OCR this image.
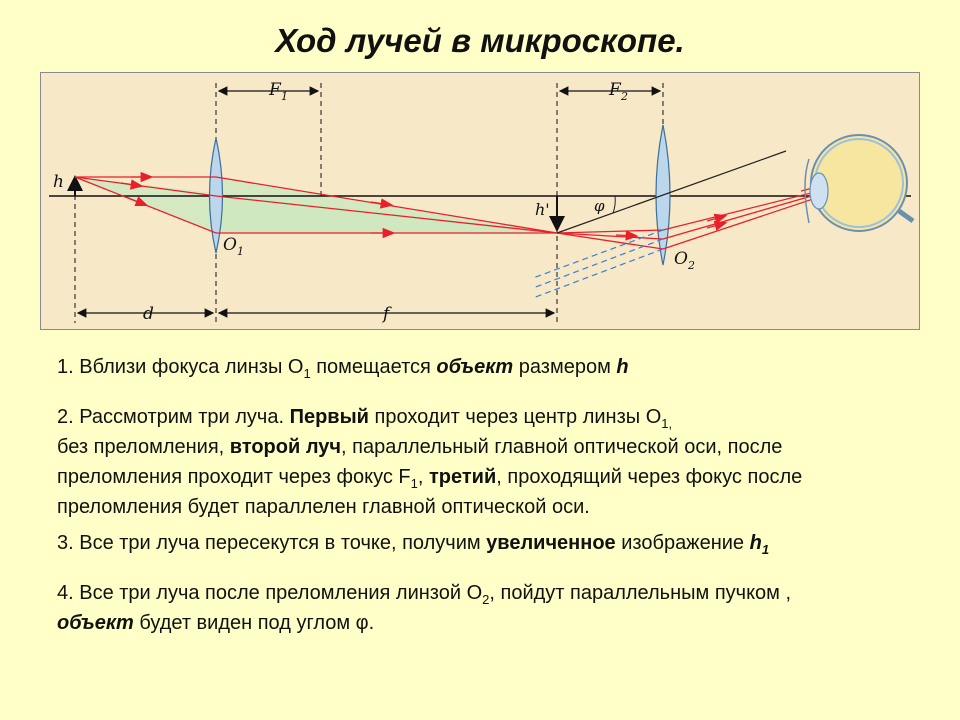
Ход лучей в микроскопе.
h
h'	φ
d	f
F 1	F 2
O 1	O 2
1. Вблизи фокуса линзы $О_1$ помещается объект размером h
2. Рассмотрим три луча. Первый проходит через центр линзы $О_{1,}$
без преломления, второй луч, параллельный главной оптической оси, после
преломления проходит через фокус $F_1$, третий, проходящий через фокус после
преломления будет параллелен главной оптической оси.
3. Все три луча пересекутся в точке, получим увеличенное изображение $h_1$
4. Все три луча после преломления линзой $О_2$, пойдут параллельным пучком ,
объект будет виден под углом φ.
